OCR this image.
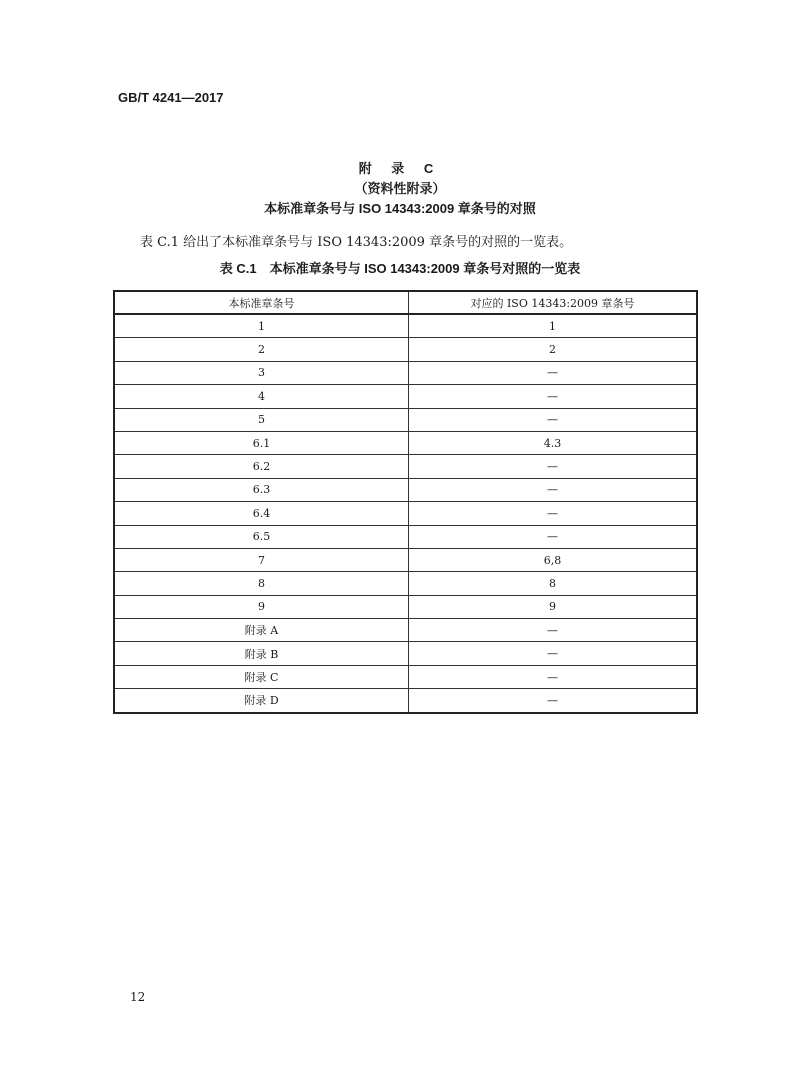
GB/T 4241—2017
附 录 C
（资料性附录）
本标准章条号与 ISO 14343:2009 章条号的对照
表 C.1 给出了本标准章条号与 ISO 14343:2009 章条号的对照的一览表。
表 C.1　本标准章条号与 ISO 14343:2009 章条号对照的一览表
本标准章条号	对应的 ISO 14343:2009 章条号
1	1
2	2
3	—
4	—
5	—
6.1	4.3
6.2	—
6.3	—
6.4	—
6.5	—
7	6,8
8	8
9	9
附录 A	—
附录 B	—
附录 C	—
附录 D	—
12
